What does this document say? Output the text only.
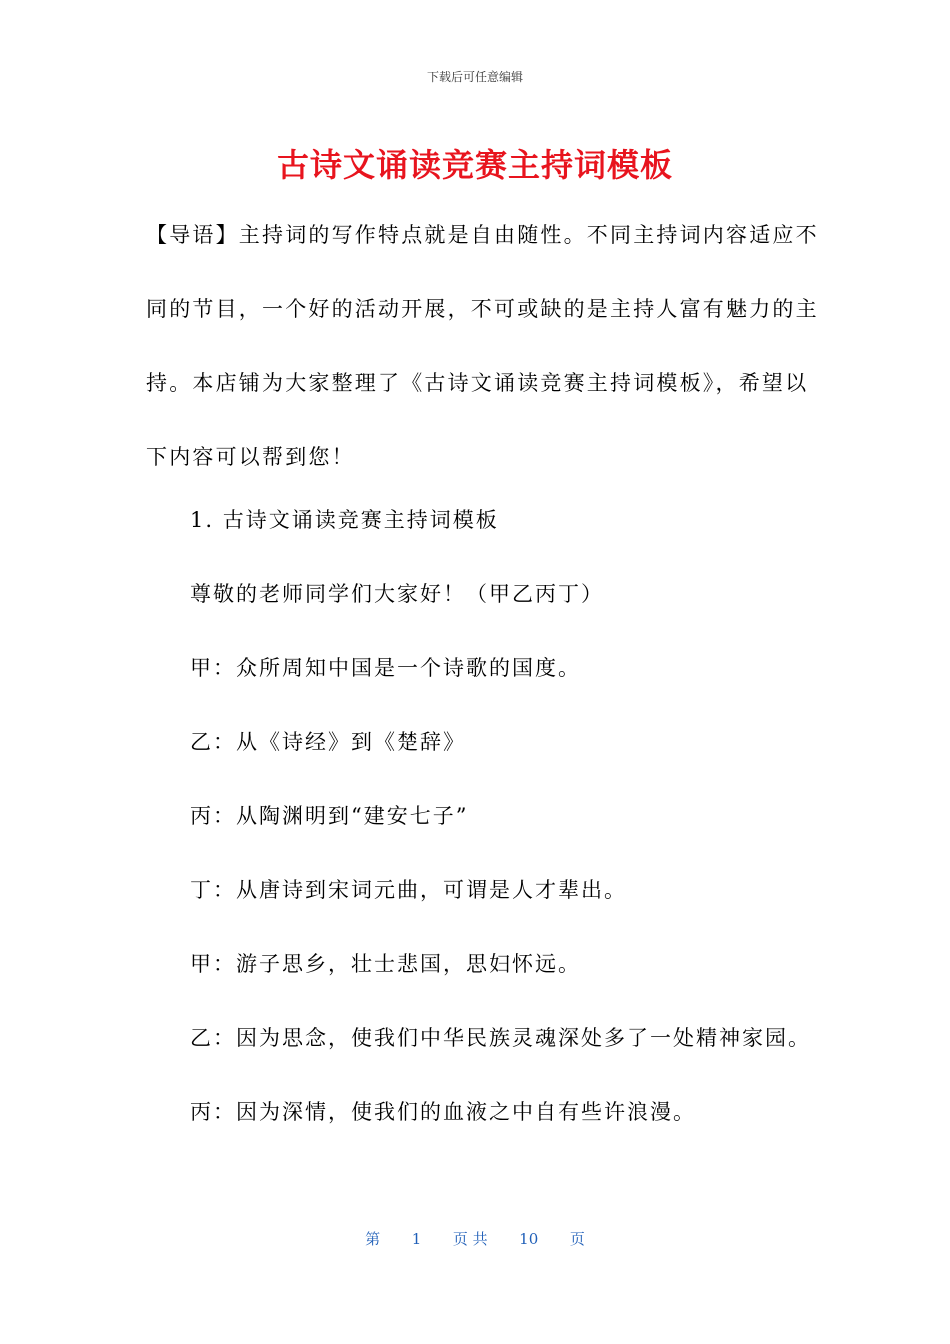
下载后可任意编辑
古诗文诵读竞赛主持词模板
【导语】主持词的写作特点就是自由随性。不同主持词内容适应不
同的节目，一个好的活动开展，不可或缺的是主持人富有魅力的主
持。本店铺为大家整理了《古诗文诵读竞赛主持词模板》，希望以
下内容可以帮到您！
1. 古诗文诵读竞赛主持词模板
尊敬的老师同学们大家好！（甲乙丙丁）
甲：众所周知中国是一个诗歌的国度。
乙：从《诗经》到《楚辞》
丙：从陶渊明到“建安七子”
丁：从唐诗到宋词元曲，可谓是人才辈出。
甲：游子思乡，壮士悲国，思妇怀远。
乙：因为思念，使我们中华民族灵魂深处多了一处精神家园。
丙：因为深情，使我们的血液之中自有些许浪漫。
第 1 页 共 10 页
